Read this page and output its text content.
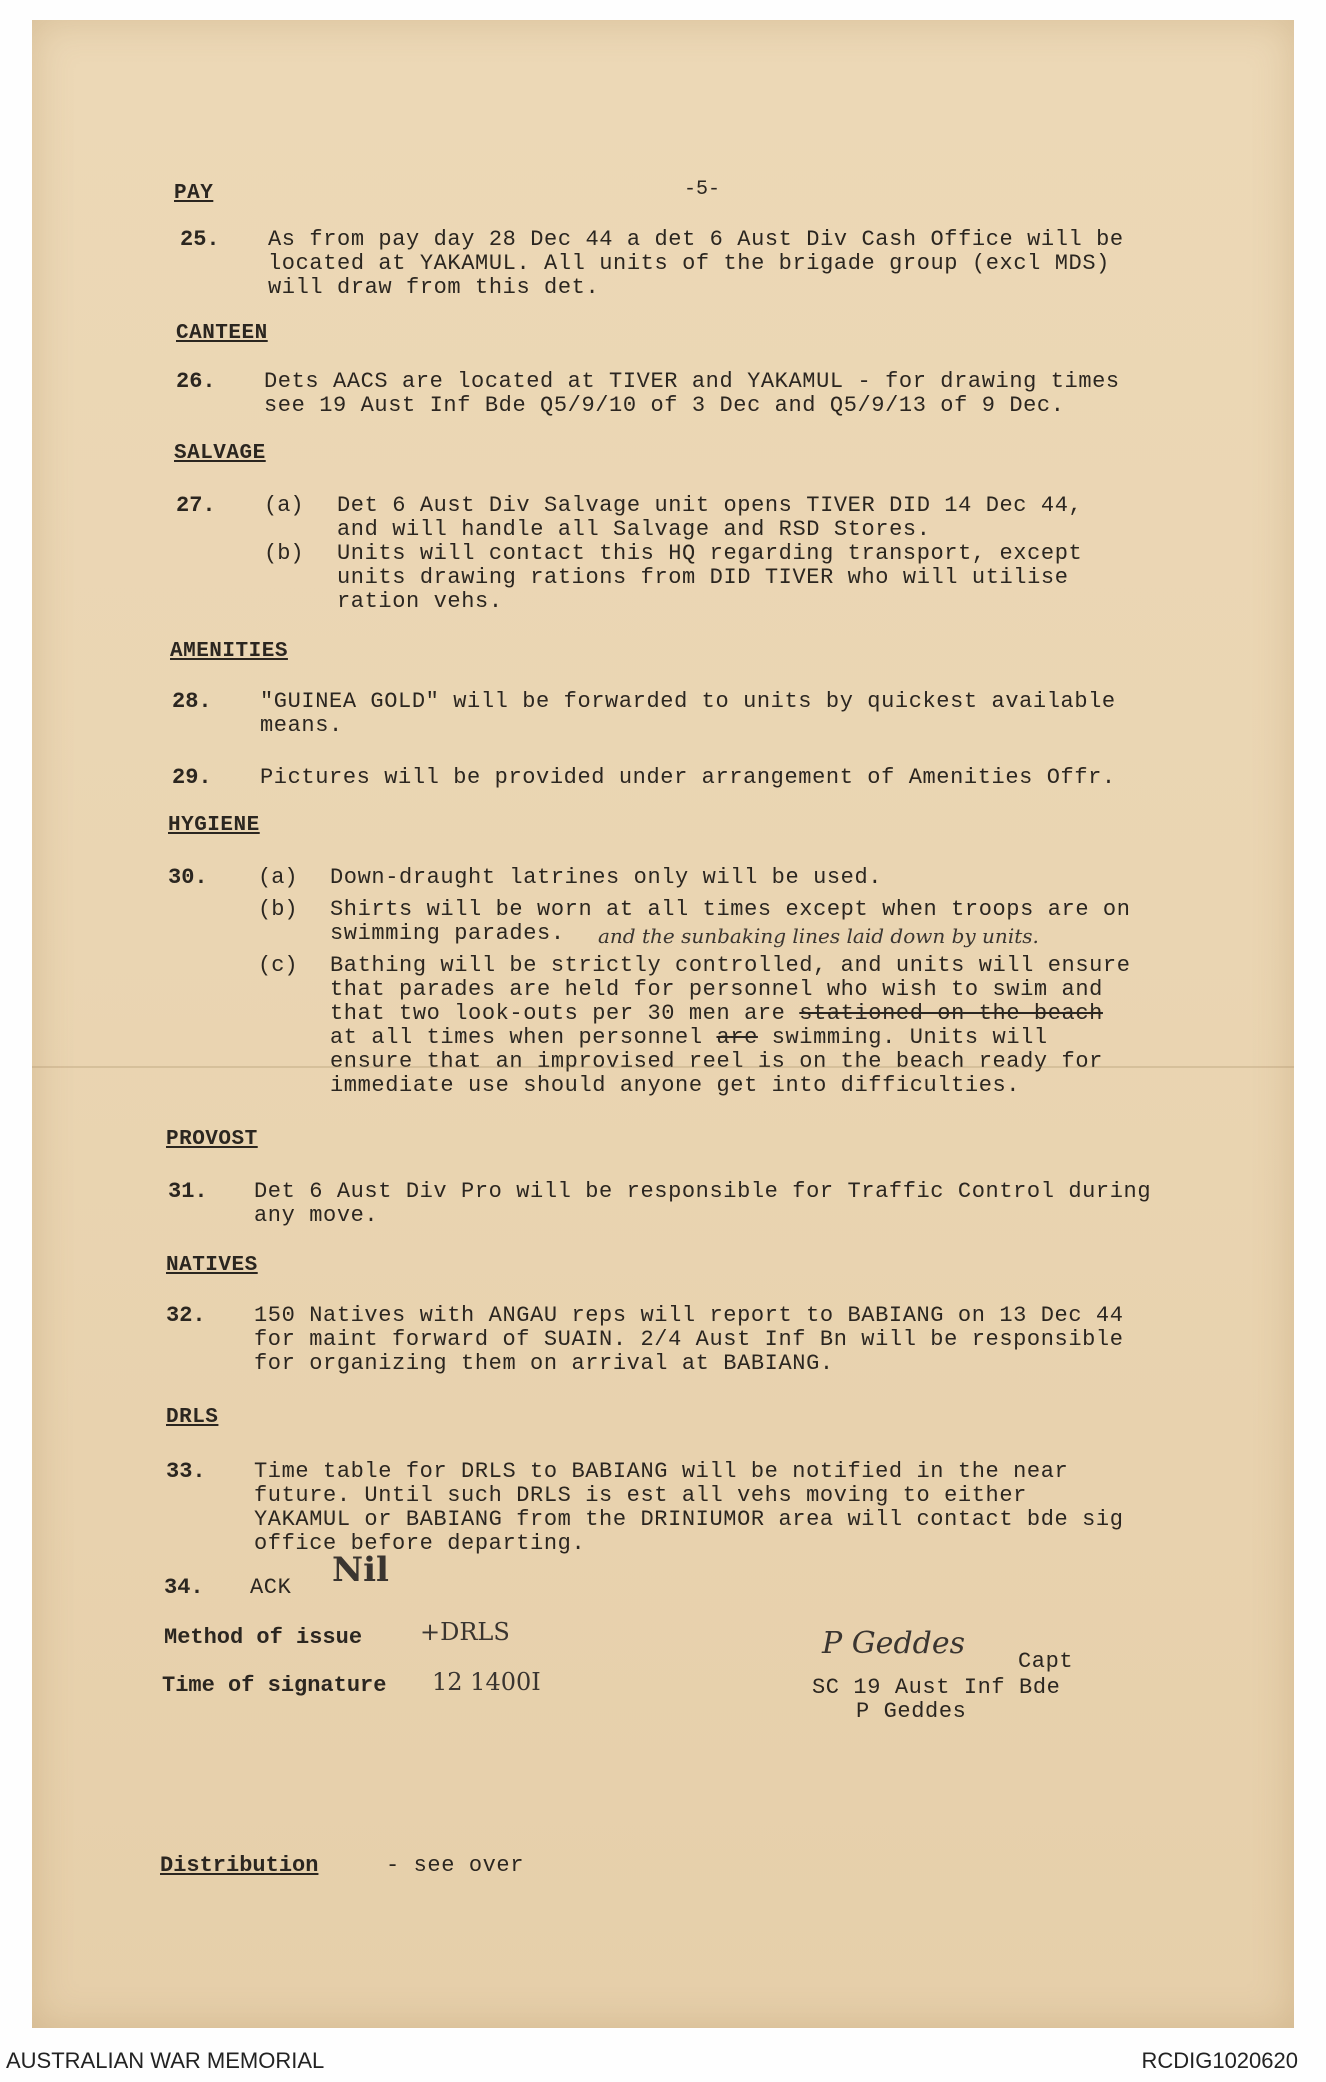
-5-
PAY
25. As from pay day 28 Dec 44 a det 6 Aust Div Cash Office will be
located at YAKAMUL. All units of the brigade group (excl MDS)
will draw from this det.
CANTEEN
26. Dets AACS are located at TIVER and YAKAMUL - for drawing times
see 19 Aust Inf Bde Q5/9/10 of 3 Dec and Q5/9/13 of 9 Dec.
SALVAGE
27. (a) Det 6 Aust Div Salvage unit opens TIVER DID 14 Dec 44,
and will handle all Salvage and RSD Stores.
(b) Units will contact this HQ regarding transport, except
units drawing rations from DID TIVER who will utilise
ration vehs.
AMENITIES
28. "GUINEA GOLD" will be forwarded to units by quickest available
means.
29. Pictures will be provided under arrangement of Amenities Offr.
HYGIENE
30. (a) Down-draught latrines only will be used.
(b) Shirts will be worn at all times except when troops are on
swimming parades. and the sunbaking lines laid down by units.
(c) Bathing will be strictly controlled, and units will ensure
that parades are held for personnel who wish to swim and
that two look-outs per 30 men are stationed on the beach
at all times when personnel are swimming. Units will
ensure that an improvised reel is on the beach ready for
immediate use should anyone get into difficulties.
PROVOST
31. Det 6 Aust Div Pro will be responsible for Traffic Control during
any move.
NATIVES
32. 150 Natives with ANGAU reps will report to BABIANG on 13 Dec 44
for maint forward of SUAIN. 2/4 Aust Inf Bn will be responsible
for organizing them on arrival at BABIANG.
DRLS
33. Time table for DRLS to BABIANG will be notified in the near
future. Until such DRLS is est all vehs moving to either
YAKAMUL or BABIANG from the DRINIUMOR area will contact bde sig
office before departing.
34. ACK Nil
Method of issue +DRLS
Time of signature 12 1400I
P Geddes
Capt
SC 19 Aust Inf Bde
P Geddes
Distribution	- see over
AUSTRALIAN WAR MEMORIAL	RCDIG1020620
